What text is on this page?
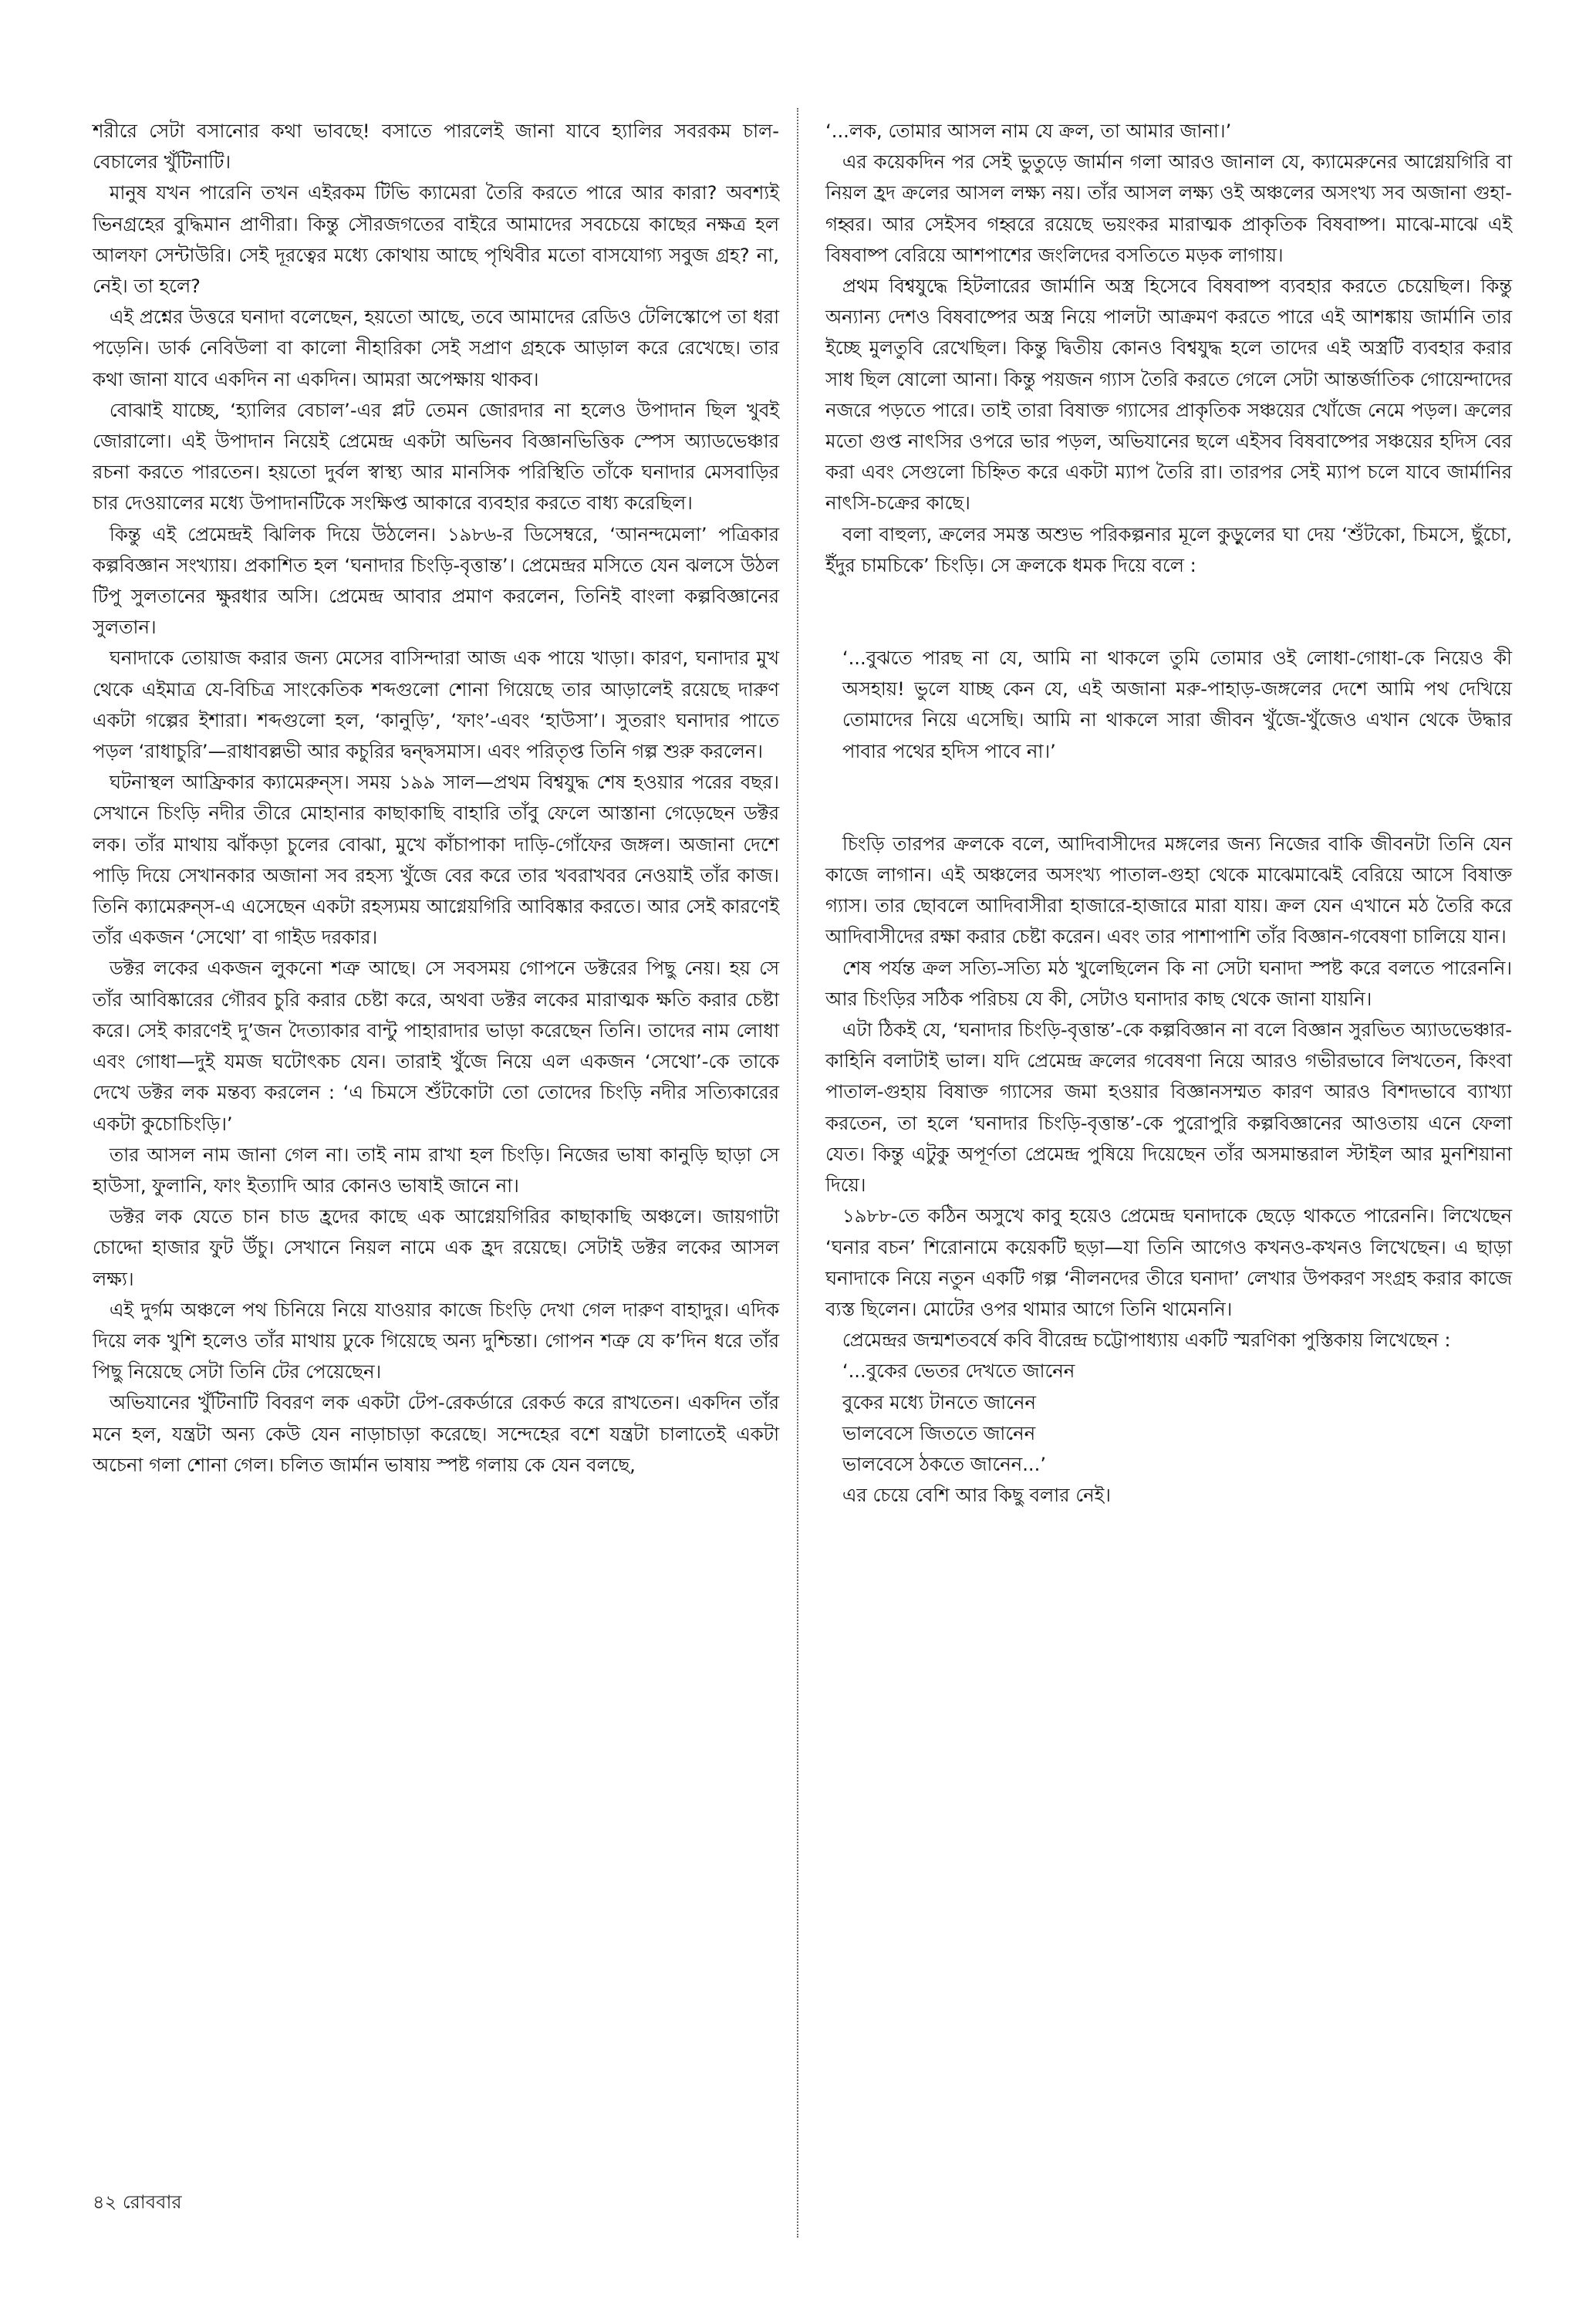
শরীরে সেটা বসানোর কথা ভাবছে! বসাতে পারলেই জানা যাবে হ্যালির সবরকম চাল-বেচালের খুঁটিনাটি।

মানুষ যখন পারেনি তখন এইরকম টিভি ক্যামেরা তৈরি করতে পারে আর কারা? অবশ্যই ভিনগ্রহের বুদ্ধিমান প্রাণীরা। কিন্তু সৌরজগতের বাইরে আমাদের সবচেয়ে কাছের নক্ষত্র হল আলফা সেন্টাউরি। সেই দূরত্বের মধ্যে কোথায় আছে পৃথিবীর মতো বাসযোগ্য সবুজ গ্রহ? না, নেই। তা হলে?

এই প্রশ্নের উত্তরে ঘনাদা বলেছেন, হয়তো আছে, তবে আমাদের রেডিও টেলিস্কোপে তা ধরা পড়েনি। ডার্ক নেবিউলা বা কালো নীহারিকা সেই সপ্রাণ গ্রহকে আড়াল করে রেখেছে। তার কথা জানা যাবে একদিন না একদিন। আমরা অপেক্ষায় থাকব।

বোঝাই যাচ্ছে, ‘হ্যালির বেচাল’-এর প্লট তেমন জোরদার না হলেও উপাদান ছিল খুবই জোরালো। এই উপাদান নিয়েই প্রেমেন্দ্র একটা অভিনব বিজ্ঞানভিত্তিক স্পেস অ্যাডভেঞ্চার রচনা করতে পারতেন। হয়তো দুর্বল স্বাস্থ্য আর মানসিক পরিস্থিতি তাঁকে ঘনাদার মেসবাড়ির চার দেওয়ালের মধ্যে উপাদানটিকে সংক্ষিপ্ত আকারে ব্যবহার করতে বাধ্য করেছিল।

কিন্তু এই প্রেমেন্দ্রই ঝিলিক দিয়ে উঠলেন। ১৯৮৬-র ডিসেম্বরে, ‘আনন্দমেলা’ পত্রিকার কল্পবিজ্ঞান সংখ্যায়। প্রকাশিত হল ‘ঘনাদার চিংড়ি-বৃত্তান্ত’। প্রেমেন্দ্রর মসিতে যেন ঝলসে উঠল টিপু সুলতানের ক্ষুরধার অসি। প্রেমেন্দ্র আবার প্রমাণ করলেন, তিনিই বাংলা কল্পবিজ্ঞানের সুলতান।

ঘনাদাকে তোয়াজ করার জন্য মেসের বাসিন্দারা আজ এক পায়ে খাড়া। কারণ, ঘনাদার মুখ থেকে এইমাত্র যে-বিচিত্র সাংকেতিক শব্দগুলো শোনা গিয়েছে তার আড়ালেই রয়েছে দারুণ একটা গল্পের ইশারা। শব্দগুলো হল, ‘কানুড়ি’, ‘ফাং’-এবং ‘হাউসা’। সুতরাং ঘনাদার পাতে পড়ল ‘রাধাচুরি’—রাধাবল্লভী আর কচুরির দ্বন্দ্বসমাস। এবং পরিতৃপ্ত তিনি গল্প শুরু করলেন।

ঘটনাস্থল আফ্রিকার ক্যামেরুন্‌স। সময় ১৯৯ সাল—প্রথম বিশ্বযুদ্ধ শেষ হওয়ার পরের বছর। সেখানে চিংড়ি নদীর তীরে মোহানার কাছাকাছি বাহারি তাঁবু ফেলে আস্তানা গেড়েছেন ডক্টর লক। তাঁর মাথায় ঝাঁকড়া চুলের বোঝা, মুখে কাঁচাপাকা দাড়ি-গোঁফের জঙ্গল। অজানা দেশে পাড়ি দিয়ে সেখানকার অজানা সব রহস্য খুঁজে বের করে তার খবরাখবর নেওয়াই তাঁর কাজ। তিনি ক্যামেরুন্‌স-এ এসেছেন একটা রহস্যময় আগ্নেয়গিরি আবিষ্কার করতে। আর সেই কারণেই তাঁর একজন ‘সেথো’ বা গাইড দরকার।

ডক্টর লকের একজন লুকনো শত্রু আছে। সে সবসময় গোপনে ডক্টরের পিছু নেয়। হয় সে তাঁর আবিষ্কারের গৌরব চুরি করার চেষ্টা করে, অথবা ডক্টর লকের মারাত্মক ক্ষতি করার চেষ্টা করে। সেই কারণেই দু’জন দৈত্যাকার বান্টু পাহারাদার ভাড়া করেছেন তিনি। তাদের নাম লোধা এবং গোধা—দুই যমজ ঘটোৎকচ যেন। তারাই খুঁজে নিয়ে এল একজন ‘সেথো’-কে তাকে দেখে ডক্টর লক মন্তব্য করলেন : ‘এ চিমসে শুঁটকোটা তো তোদের চিংড়ি নদীর সত্যিকারের একটা কুচোচিংড়ি।’

তার আসল নাম জানা গেল না। তাই নাম রাখা হল চিংড়ি। নিজের ভাষা কানুড়ি ছাড়া সে হাউসা, ফুলানি, ফাং ইত্যাদি আর কোনও ভাষাই জানে না।

ডক্টর লক যেতে চান চাড হ্রদের কাছে এক আগ্নেয়গিরির কাছাকাছি অঞ্চলে। জায়গাটা চোদ্দো হাজার ফুট উঁচু। সেখানে নিয়ল নামে এক হ্রদ রয়েছে। সেটাই ডক্টর লকের আসল লক্ষ্য।

এই দুর্গম অঞ্চলে পথ চিনিয়ে নিয়ে যাওয়ার কাজে চিংড়ি দেখা গেল দারুণ বাহাদুর। এদিক দিয়ে লক খুশি হলেও তাঁর মাথায় ঢুকে গিয়েছে অন্য দুশ্চিন্তা। গোপন শত্রু যে ক’দিন ধরে তাঁর পিছু নিয়েছে সেটা তিনি টের পেয়েছেন।

অভিযানের খুঁটিনাটি বিবরণ লক একটা টেপ-রেকর্ডারে রেকর্ড করে রাখতেন। একদিন তাঁর মনে হল, যন্ত্রটা অন্য কেউ যেন নাড়াচাড়া করেছে। সন্দেহের বশে যন্ত্রটা চালাতেই একটা অচেনা গলা শোনা গেল। চলিত জার্মান ভাষায় স্পষ্ট গলায় কে যেন বলছে,

‘...লক, তোমার আসল নাম যে ক্রল, তা আমার জানা।’

এর কয়েকদিন পর সেই ভুতুড়ে জার্মান গলা আরও জানাল যে, ক্যামেরুনের আগ্নেয়গিরি বা নিয়ল হ্রদ ক্রলের আসল লক্ষ্য নয়। তাঁর আসল লক্ষ্য ওই অঞ্চলের অসংখ্য সব অজানা গুহা-গহ্বর। আর সেইসব গহ্বরে রয়েছে ভয়ংকর মারাত্মক প্রাকৃতিক বিষবাষ্প। মাঝে-মাঝে এই বিষবাষ্প বেরিয়ে আশপাশের জংলিদের বসতিতে মড়ক লাগায়।

প্রথম বিশ্বযুদ্ধে হিটলারের জার্মানি অস্ত্র হিসেবে বিষবাষ্প ব্যবহার করতে চেয়েছিল। কিন্তু অন্যান্য দেশও বিষবাষ্পের অস্ত্র নিয়ে পালটা আক্রমণ করতে পারে এই আশঙ্কায় জার্মানি তার ইচ্ছে মুলতুবি রেখেছিল। কিন্তু দ্বিতীয় কোনও বিশ্বযুদ্ধ হলে তাদের এই অস্ত্রটি ব্যবহার করার সাধ ছিল ষোলো আনা। কিন্তু পয়জন গ্যাস তৈরি করতে গেলে সেটা আন্তর্জাতিক গোয়েন্দাদের নজরে পড়তে পারে। তাই তারা বিষাক্ত গ্যাসের প্রাকৃতিক সঞ্চয়ের খোঁজে নেমে পড়ল। ক্রলের মতো গুপ্ত নাৎসির ওপরে ভার পড়ল, অভিযানের ছলে এইসব বিষবাষ্পের সঞ্চয়ের হদিস বের করা এবং সেগুলো চিহ্নিত করে একটা ম্যাপ তৈরি রা। তারপর সেই ম্যাপ চলে যাবে জার্মানির নাৎসি-চক্রের কাছে।

বলা বাহুল্য, ক্রলের সমস্ত অশুভ পরিকল্পনার মূলে কুড়ুলের ঘা দেয় ‘শুঁটকো, চিমসে, ছুঁচো, ইঁদুর চামচিকে’ চিংড়ি। সে ক্রলকে ধমক দিয়ে বলে :

‘...বুঝতে পারছ না যে, আমি না থাকলে তুমি তোমার ওই লোধা-গোধা-কে নিয়েও কী অসহায়! ভুলে যাচ্ছ কেন যে, এই অজানা মরু-পাহাড়-জঙ্গলের দেশে আমি পথ দেখিয়ে তোমাদের নিয়ে এসেছি। আমি না থাকলে সারা জীবন খুঁজে-খুঁজেও এখান থেকে উদ্ধার পাবার পথের হদিস পাবে না।’

চিংড়ি তারপর ক্রলকে বলে, আদিবাসীদের মঙ্গলের জন্য নিজের বাকি জীবনটা তিনি যেন কাজে লাগান। এই অঞ্চলের অসংখ্য পাতাল-গুহা থেকে মাঝেমাঝেই বেরিয়ে আসে বিষাক্ত গ্যাস। তার ছোবলে আদিবাসীরা হাজারে-হাজারে মারা যায়। ক্রল যেন এখানে মঠ তৈরি করে আদিবাসীদের রক্ষা করার চেষ্টা করেন। এবং তার পাশাপাশি তাঁর বিজ্ঞান-গবেষণা চালিয়ে যান।

শেষ পর্যন্ত ক্রল সত্যি-সত্যি মঠ খুলেছিলেন কি না সেটা ঘনাদা স্পষ্ট করে বলতে পারেননি। আর চিংড়ির সঠিক পরিচয় যে কী, সেটাও ঘনাদার কাছ থেকে জানা যায়নি।

এটা ঠিকই যে, ‘ঘনাদার চিংড়ি-বৃত্তান্ত’-কে কল্পবিজ্ঞান না বলে বিজ্ঞান সুরভিত অ্যাডভেঞ্চার-কাহিনি বলাটাই ভাল। যদি প্রেমেন্দ্র ক্রলের গবেষণা নিয়ে আরও গভীরভাবে লিখতেন, কিংবা পাতাল-গুহায় বিষাক্ত গ্যাসের জমা হওয়ার বিজ্ঞানসম্মত কারণ আরও বিশদভাবে ব্যাখ্যা করতেন, তা হলে ‘ঘনাদার চিংড়ি-বৃত্তান্ত’-কে পুরোপুরি কল্পবিজ্ঞানের আওতায় এনে ফেলা যেত। কিন্তু এটুকু অপূর্ণতা প্রেমেন্দ্র পুষিয়ে দিয়েছেন তাঁর অসমান্তরাল স্টাইল আর মুনশিয়ানা দিয়ে।

১৯৮৮-তে কঠিন অসুখে কাবু হয়েও প্রেমেন্দ্র ঘনাদাকে ছেড়ে থাকতে পারেননি। লিখেছেন ‘ঘনার বচন’ শিরোনামে কয়েকটি ছড়া—যা তিনি আগেও কখনও-কখনও লিখেছেন। এ ছাড়া ঘনাদাকে নিয়ে নতুন একটি গল্প ‘নীলনদের তীরে ঘনাদা’ লেখার উপকরণ সংগ্রহ করার কাজে ব্যস্ত ছিলেন। মোটের ওপর থামার আগে তিনি থামেননি।

প্রেমেন্দ্রর জন্মশতবর্ষে কবি বীরেন্দ্র চট্টোপাধ্যায় একটি স্মরণিকা পুস্তিকায় লিখেছেন :

‘...বুকের ভেতর দেখতে জানেন

বুকের মধ্যে টানতে জানেন

ভালবেসে জিততে জানেন

ভালবেসে ঠকতে জানেন...’

এর চেয়ে বেশি আর কিছু বলার নেই।

৪২ রোববার
